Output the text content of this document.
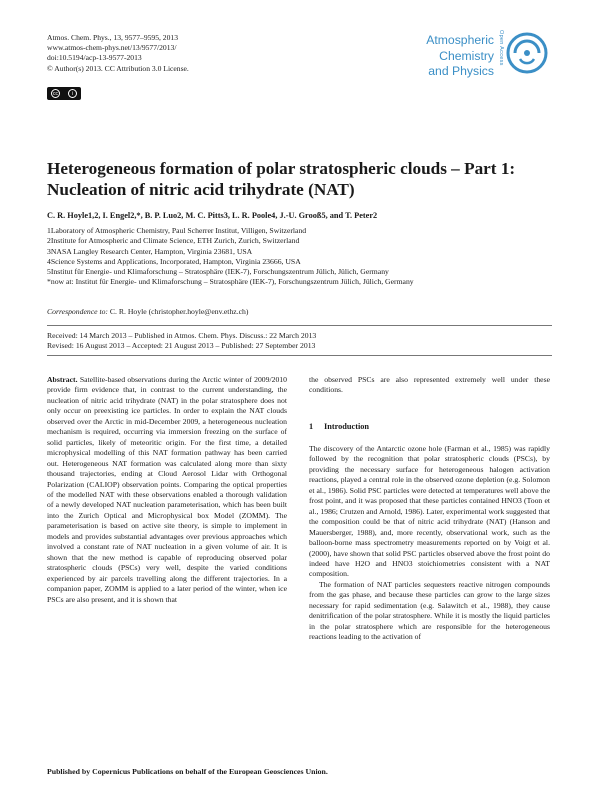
Atmos. Chem. Phys., 13, 9577–9595, 2013
www.atmos-chem-phys.net/13/9577/2013/
doi:10.5194/acp-13-9577-2013
© Author(s) 2013. CC Attribution 3.0 License.
cc	i
Atmospheric
Chemistry
and Physics
Open Access
Heterogeneous formation of polar stratospheric clouds – Part 1:
Nucleation of nitric acid trihydrate (NAT)
C. R. Hoyle1,2, I. Engel2,*, B. P. Luo2, M. C. Pitts3, L. R. Poole4, J.-U. Grooß5, and T. Peter2
1Laboratory of Atmospheric Chemistry, Paul Scherrer Institut, Villigen, Switzerland
2Institute for Atmospheric and Climate Science, ETH Zurich, Zurich, Switzerland
3NASA Langley Research Center, Hampton, Virginia 23681, USA
4Science Systems and Applications, Incorporated, Hampton, Virginia 23666, USA
5Institut für Energie- und Klimaforschung – Stratosphäre (IEK-7), Forschungszentrum Jülich, Jülich, Germany
*now at: Institut für Energie- und Klimaforschung – Stratosphäre (IEK-7), Forschungszentrum Jülich, Jülich, Germany
Correspondence to: C. R. Hoyle (christopher.hoyle@env.ethz.ch)
Received: 14 March 2013 – Published in Atmos. Chem. Phys. Discuss.: 22 March 2013
Revised: 16 August 2013 – Accepted: 21 August 2013 – Published: 27 September 2013

Abstract. Satellite-based observations during the Arctic winter of 2009/2010 provide firm evidence that, in contrast to the current understanding, the nucleation of nitric acid trihydrate (NAT) in the polar stratosphere does not only occur on preexisting ice particles. In order to explain the NAT clouds observed over the Arctic in mid-December 2009, a heterogeneous nucleation mechanism is required, occurring via immersion freezing on the surface of solid particles, likely of meteoritic origin. For the first time, a detailed microphysical modelling of this NAT formation pathway has been carried out. Heterogeneous NAT formation was calculated along more than sixty thousand trajectories, ending at Cloud Aerosol Lidar with Orthogonal Polarization (CALIOP) observation points. Comparing the optical properties of the modelled NAT with these observations enabled a thorough validation of a newly developed NAT nucleation parameterisation, which has been built into the Zurich Optical and Microphysical box Model (ZOMM). The parameterisation is based on active site theory, is simple to implement in models and provides substantial advantages over previous approaches which involved a constant rate of NAT nucleation in a given volume of air. It is shown that the new method is capable of reproducing observed polar stratospheric clouds (PSCs) very well, despite the varied conditions experienced by air parcels travelling along the different trajectories. In a companion paper, ZOMM is applied to a later period of the winter, when ice PSCs are also present, and it is shown that

the observed PSCs are also represented extremely well under these conditions.

1 Introduction

The discovery of the Antarctic ozone hole (Farman et al., 1985) was rapidly followed by the recognition that polar stratospheric clouds (PSCs), by providing the necessary surface for heterogeneous halogen activation reactions, played a central role in the observed ozone depletion (e.g. Solomon et al., 1986). Solid PSC particles were detected at temperatures well above the frost point, and it was proposed that these particles contained HNO3 (Toon et al., 1986; Crutzen and Arnold, 1986). Later, experimental work suggested that the composition could be that of nitric acid trihydrate (NAT) (Hanson and Mauersberger, 1988), and, more recently, observational work, such as the balloon-borne mass spectrometry measurements reported on by Voigt et al. (2000), have shown that solid PSC particles observed above the frost point do indeed have H2O and HNO3 stoichiometries consistent with a NAT composition.

The formation of NAT particles sequesters reactive nitrogen compounds from the gas phase, and because these particles can grow to the large sizes necessary for rapid sedimentation (e.g. Salawitch et al., 1988), they cause denitrification of the polar stratosphere. While it is mostly the liquid particles in the polar stratosphere which are responsible for the heterogeneous reactions leading to the activation of

Published by Copernicus Publications on behalf of the European Geosciences Union.
